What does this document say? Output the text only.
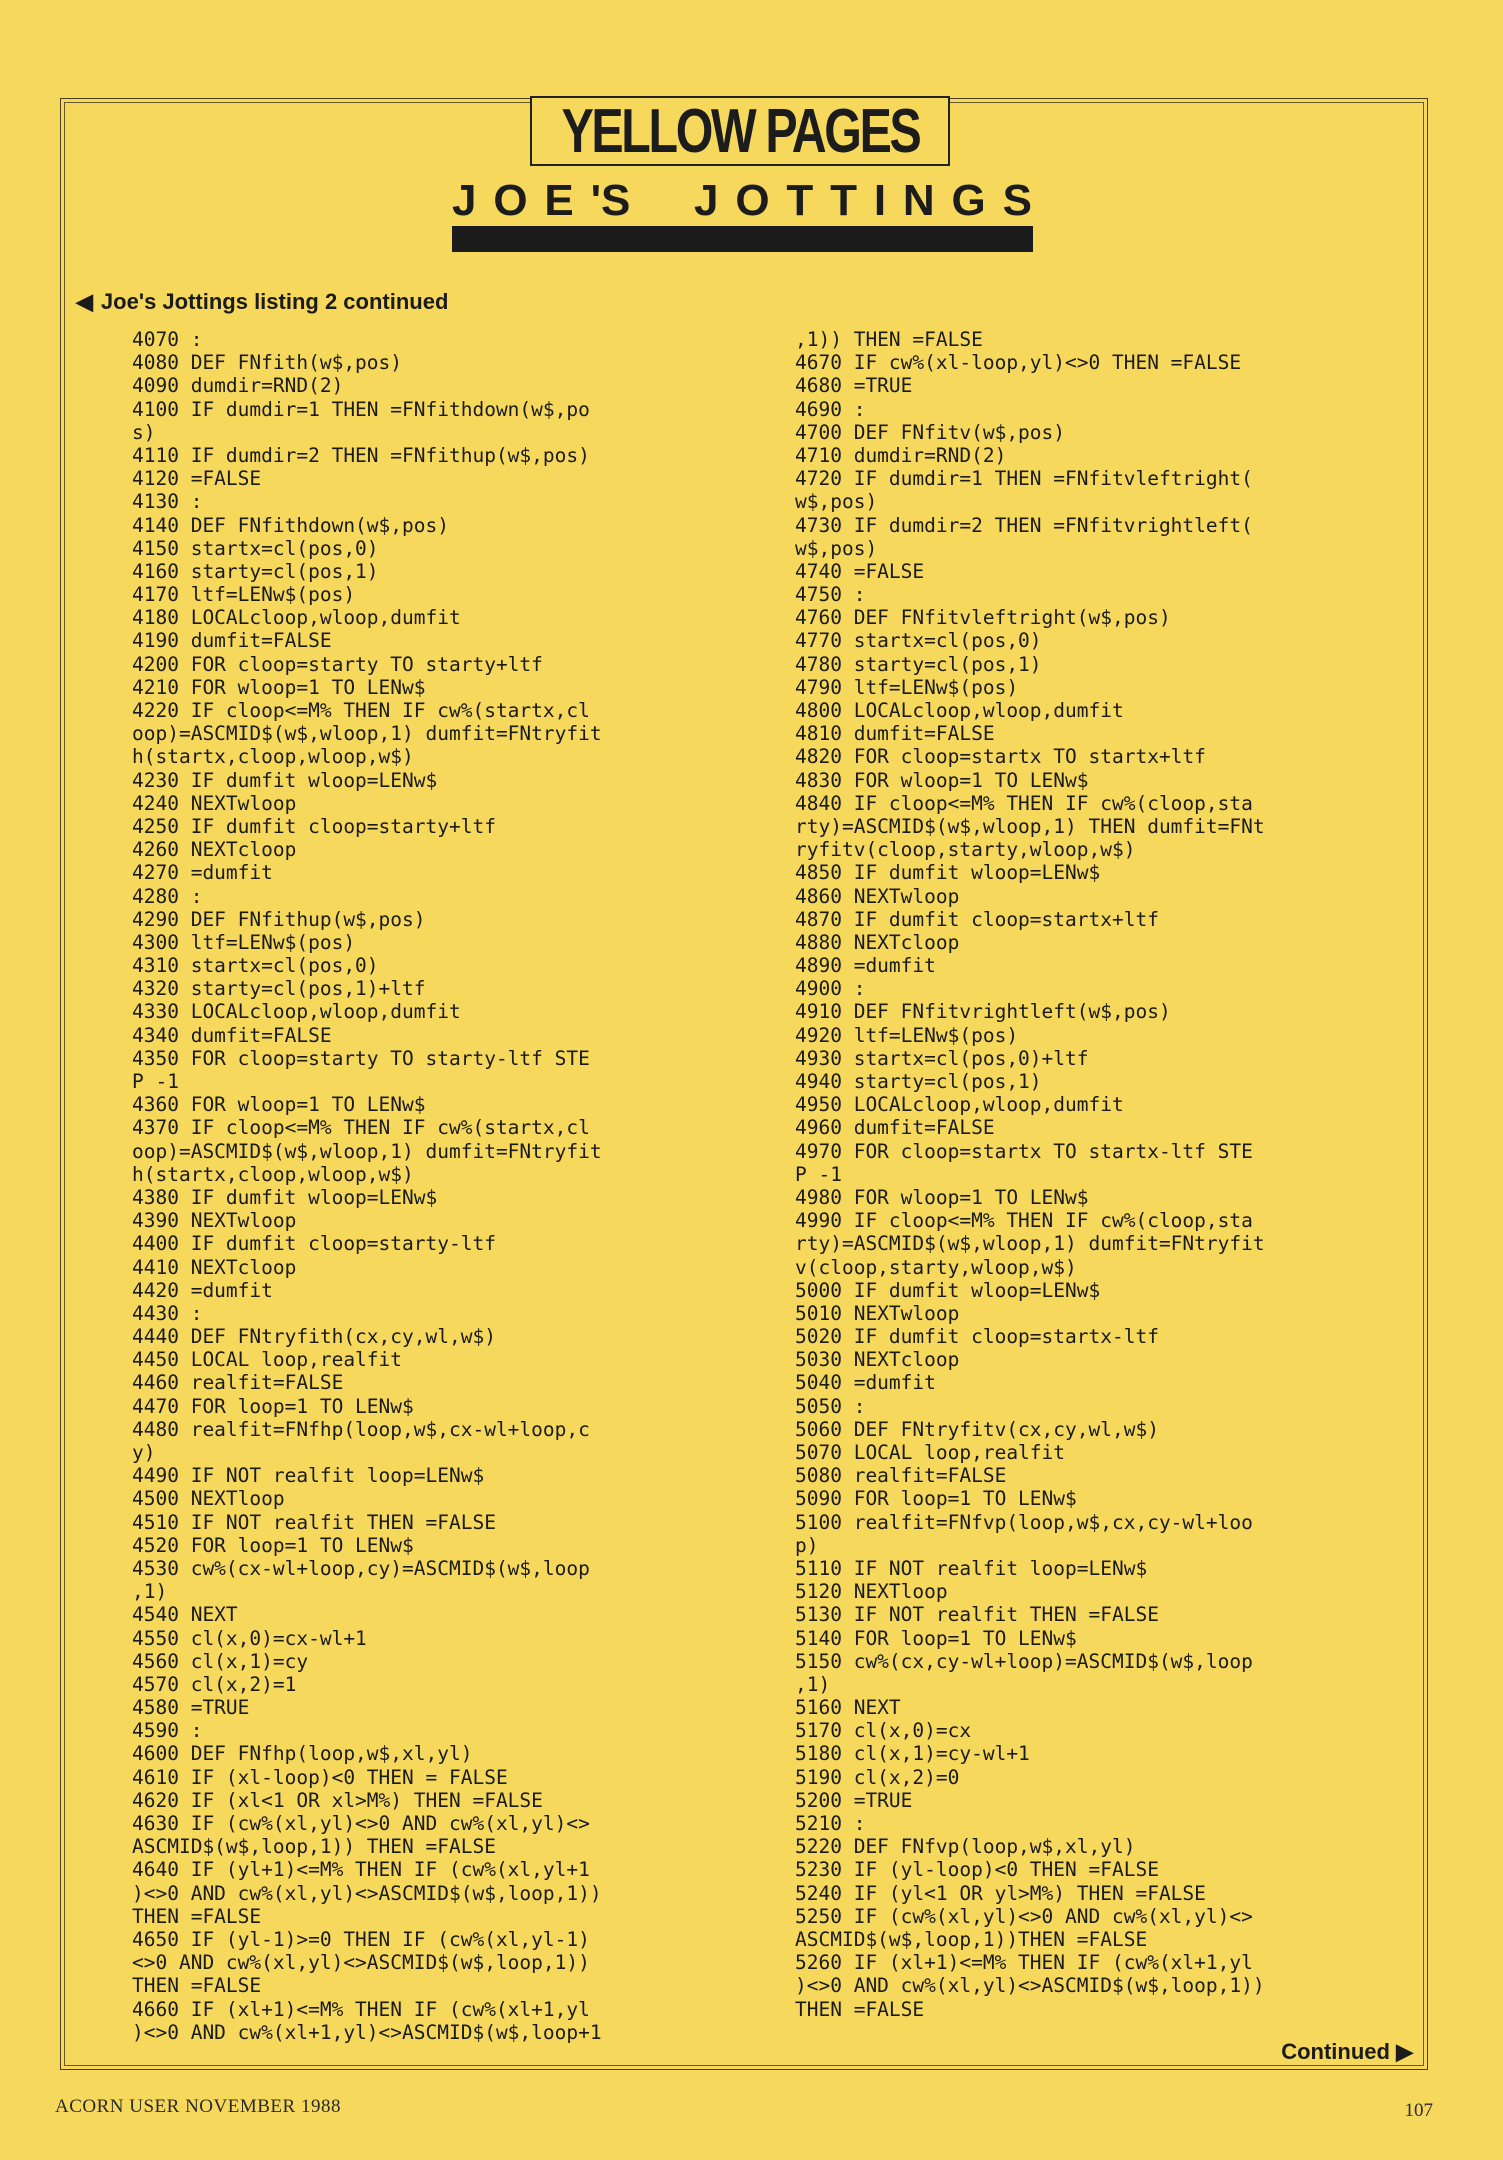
YELLOW PAGES
J O E 'S J O T T I N G S
◀ Joe's Jottings listing 2 continued
4070 :
4080 DEF FNfith(w$,pos)
4090 dumdir=RND(2)
4100 IF dumdir=1 THEN =FNfithdown(w$,po
s)
4110 IF dumdir=2 THEN =FNfithup(w$,pos)
4120 =FALSE
4130 :
4140 DEF FNfithdown(w$,pos)
4150 startx=cl(pos,0)
4160 starty=cl(pos,1)
4170 ltf=LENw$(pos)
4180 LOCALcloop,wloop,dumfit
4190 dumfit=FALSE
4200 FOR cloop=starty TO starty+ltf
4210 FOR wloop=1 TO LENw$
4220 IF cloop<=M% THEN IF cw%(startx,cl
oop)=ASCMID$(w$,wloop,1) dumfit=FNtryfit
h(startx,cloop,wloop,w$)
4230 IF dumfit wloop=LENw$
4240 NEXTwloop
4250 IF dumfit cloop=starty+ltf
4260 NEXTcloop
4270 =dumfit
4280 :
4290 DEF FNfithup(w$,pos)
4300 ltf=LENw$(pos)
4310 startx=cl(pos,0)
4320 starty=cl(pos,1)+ltf
4330 LOCALcloop,wloop,dumfit
4340 dumfit=FALSE
4350 FOR cloop=starty TO starty-ltf STE
P -1
4360 FOR wloop=1 TO LENw$
4370 IF cloop<=M% THEN IF cw%(startx,cl
oop)=ASCMID$(w$,wloop,1) dumfit=FNtryfit
h(startx,cloop,wloop,w$)
4380 IF dumfit wloop=LENw$
4390 NEXTwloop
4400 IF dumfit cloop=starty-ltf
4410 NEXTcloop
4420 =dumfit
4430 :
4440 DEF FNtryfith(cx,cy,wl,w$)
4450 LOCAL loop,realfit
4460 realfit=FALSE
4470 FOR loop=1 TO LENw$
4480 realfit=FNfhp(loop,w$,cx-wl+loop,c
y)
4490 IF NOT realfit loop=LENw$
4500 NEXTloop
4510 IF NOT realfit THEN =FALSE
4520 FOR loop=1 TO LENw$
4530 cw%(cx-wl+loop,cy)=ASCMID$(w$,loop
,1)
4540 NEXT
4550 cl(x,0)=cx-wl+1
4560 cl(x,1)=cy
4570 cl(x,2)=1
4580 =TRUE
4590 :
4600 DEF FNfhp(loop,w$,xl,yl)
4610 IF (xl-loop)<0 THEN = FALSE
4620 IF (xl<1 OR xl>M%) THEN =FALSE
4630 IF (cw%(xl,yl)<>0 AND cw%(xl,yl)<>
ASCMID$(w$,loop,1)) THEN =FALSE
4640 IF (yl+1)<=M% THEN IF (cw%(xl,yl+1
)<>0 AND cw%(xl,yl)<>ASCMID$(w$,loop,1))
THEN =FALSE
4650 IF (yl-1)>=0 THEN IF (cw%(xl,yl-1)
<>0 AND cw%(xl,yl)<>ASCMID$(w$,loop,1))
THEN =FALSE
4660 IF (xl+1)<=M% THEN IF (cw%(xl+1,yl
)<>0 AND cw%(xl+1,yl)<>ASCMID$(w$,loop+1
,1)) THEN =FALSE
4670 IF cw%(xl-loop,yl)<>0 THEN =FALSE
4680 =TRUE
4690 :
4700 DEF FNfitv(w$,pos)
4710 dumdir=RND(2)
4720 IF dumdir=1 THEN =FNfitvleftright(
w$,pos)
4730 IF dumdir=2 THEN =FNfitvrightleft(
w$,pos)
4740 =FALSE
4750 :
4760 DEF FNfitvleftright(w$,pos)
4770 startx=cl(pos,0)
4780 starty=cl(pos,1)
4790 ltf=LENw$(pos)
4800 LOCALcloop,wloop,dumfit
4810 dumfit=FALSE
4820 FOR cloop=startx TO startx+ltf
4830 FOR wloop=1 TO LENw$
4840 IF cloop<=M% THEN IF cw%(cloop,sta
rty)=ASCMID$(w$,wloop,1) THEN dumfit=FNt
ryfitv(cloop,starty,wloop,w$)
4850 IF dumfit wloop=LENw$
4860 NEXTwloop
4870 IF dumfit cloop=startx+ltf
4880 NEXTcloop
4890 =dumfit
4900 :
4910 DEF FNfitvrightleft(w$,pos)
4920 ltf=LENw$(pos)
4930 startx=cl(pos,0)+ltf
4940 starty=cl(pos,1)
4950 LOCALcloop,wloop,dumfit
4960 dumfit=FALSE
4970 FOR cloop=startx TO startx-ltf STE
P -1
4980 FOR wloop=1 TO LENw$
4990 IF cloop<=M% THEN IF cw%(cloop,sta
rty)=ASCMID$(w$,wloop,1) dumfit=FNtryfit
v(cloop,starty,wloop,w$)
5000 IF dumfit wloop=LENw$
5010 NEXTwloop
5020 IF dumfit cloop=startx-ltf
5030 NEXTcloop
5040 =dumfit
5050 :
5060 DEF FNtryfitv(cx,cy,wl,w$)
5070 LOCAL loop,realfit
5080 realfit=FALSE
5090 FOR loop=1 TO LENw$
5100 realfit=FNfvp(loop,w$,cx,cy-wl+loo
p)
5110 IF NOT realfit loop=LENw$
5120 NEXTloop
5130 IF NOT realfit THEN =FALSE
5140 FOR loop=1 TO LENw$
5150 cw%(cx,cy-wl+loop)=ASCMID$(w$,loop
,1)
5160 NEXT
5170 cl(x,0)=cx
5180 cl(x,1)=cy-wl+1
5190 cl(x,2)=0
5200 =TRUE
5210 :
5220 DEF FNfvp(loop,w$,xl,yl)
5230 IF (yl-loop)<0 THEN =FALSE
5240 IF (yl<1 OR yl>M%) THEN =FALSE
5250 IF (cw%(xl,yl)<>0 AND cw%(xl,yl)<>
ASCMID$(w$,loop,1))THEN =FALSE
5260 IF (xl+1)<=M% THEN IF (cw%(xl+1,yl
)<>0 AND cw%(xl,yl)<>ASCMID$(w$,loop,1))
THEN =FALSE
Continued ▶
ACORN USER NOVEMBER 1988	107
